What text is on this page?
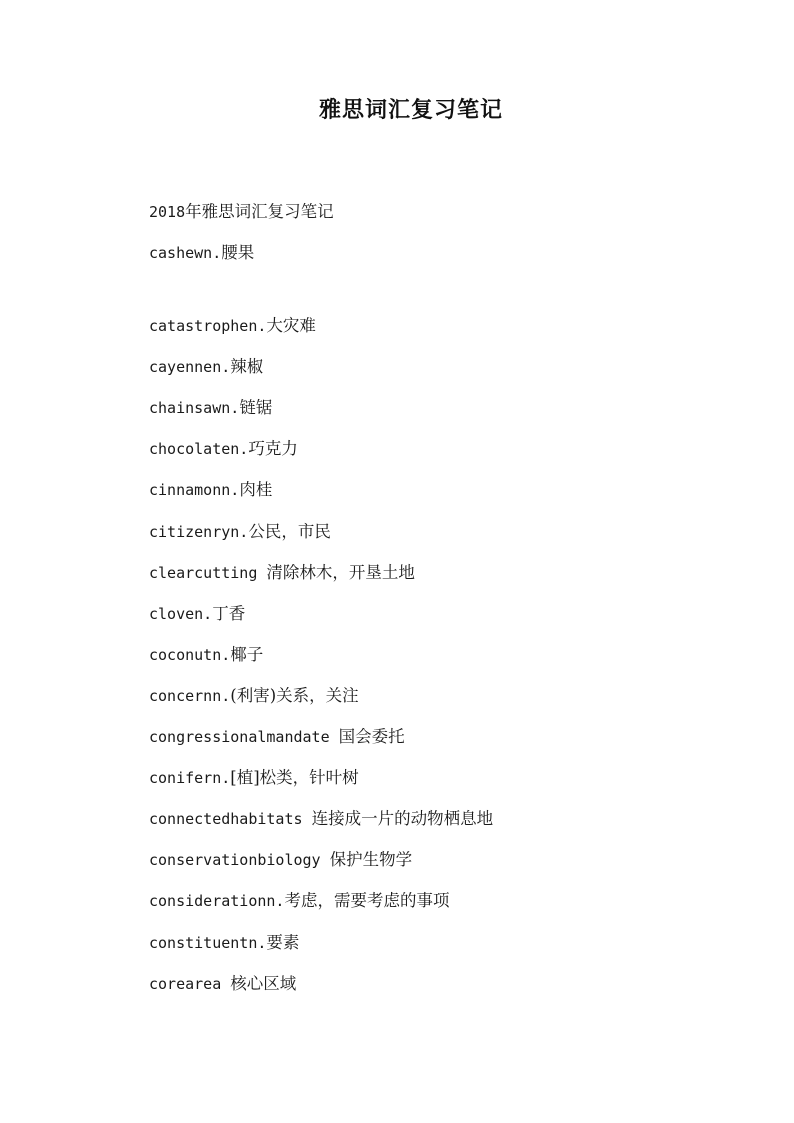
雅思词汇复习笔记
2018年雅思词汇复习笔记
cashewn.腰果
catastrophen.大灾难
cayennen.辣椒
chainsawn.链锯
chocolaten.巧克力
cinnamonn.肉桂
citizenryn.公民，市民
clearcutting 清除林木，开垦土地
cloven.丁香
coconutn.椰子
concernn.(利害)关系，关注
congressionalmandate 国会委托
conifern.[植]松类，针叶树
connectedhabitats 连接成一片的动物栖息地
conservationbiology 保护生物学
considerationn.考虑，需要考虑的事项
constituentn.要素
corearea 核心区域
